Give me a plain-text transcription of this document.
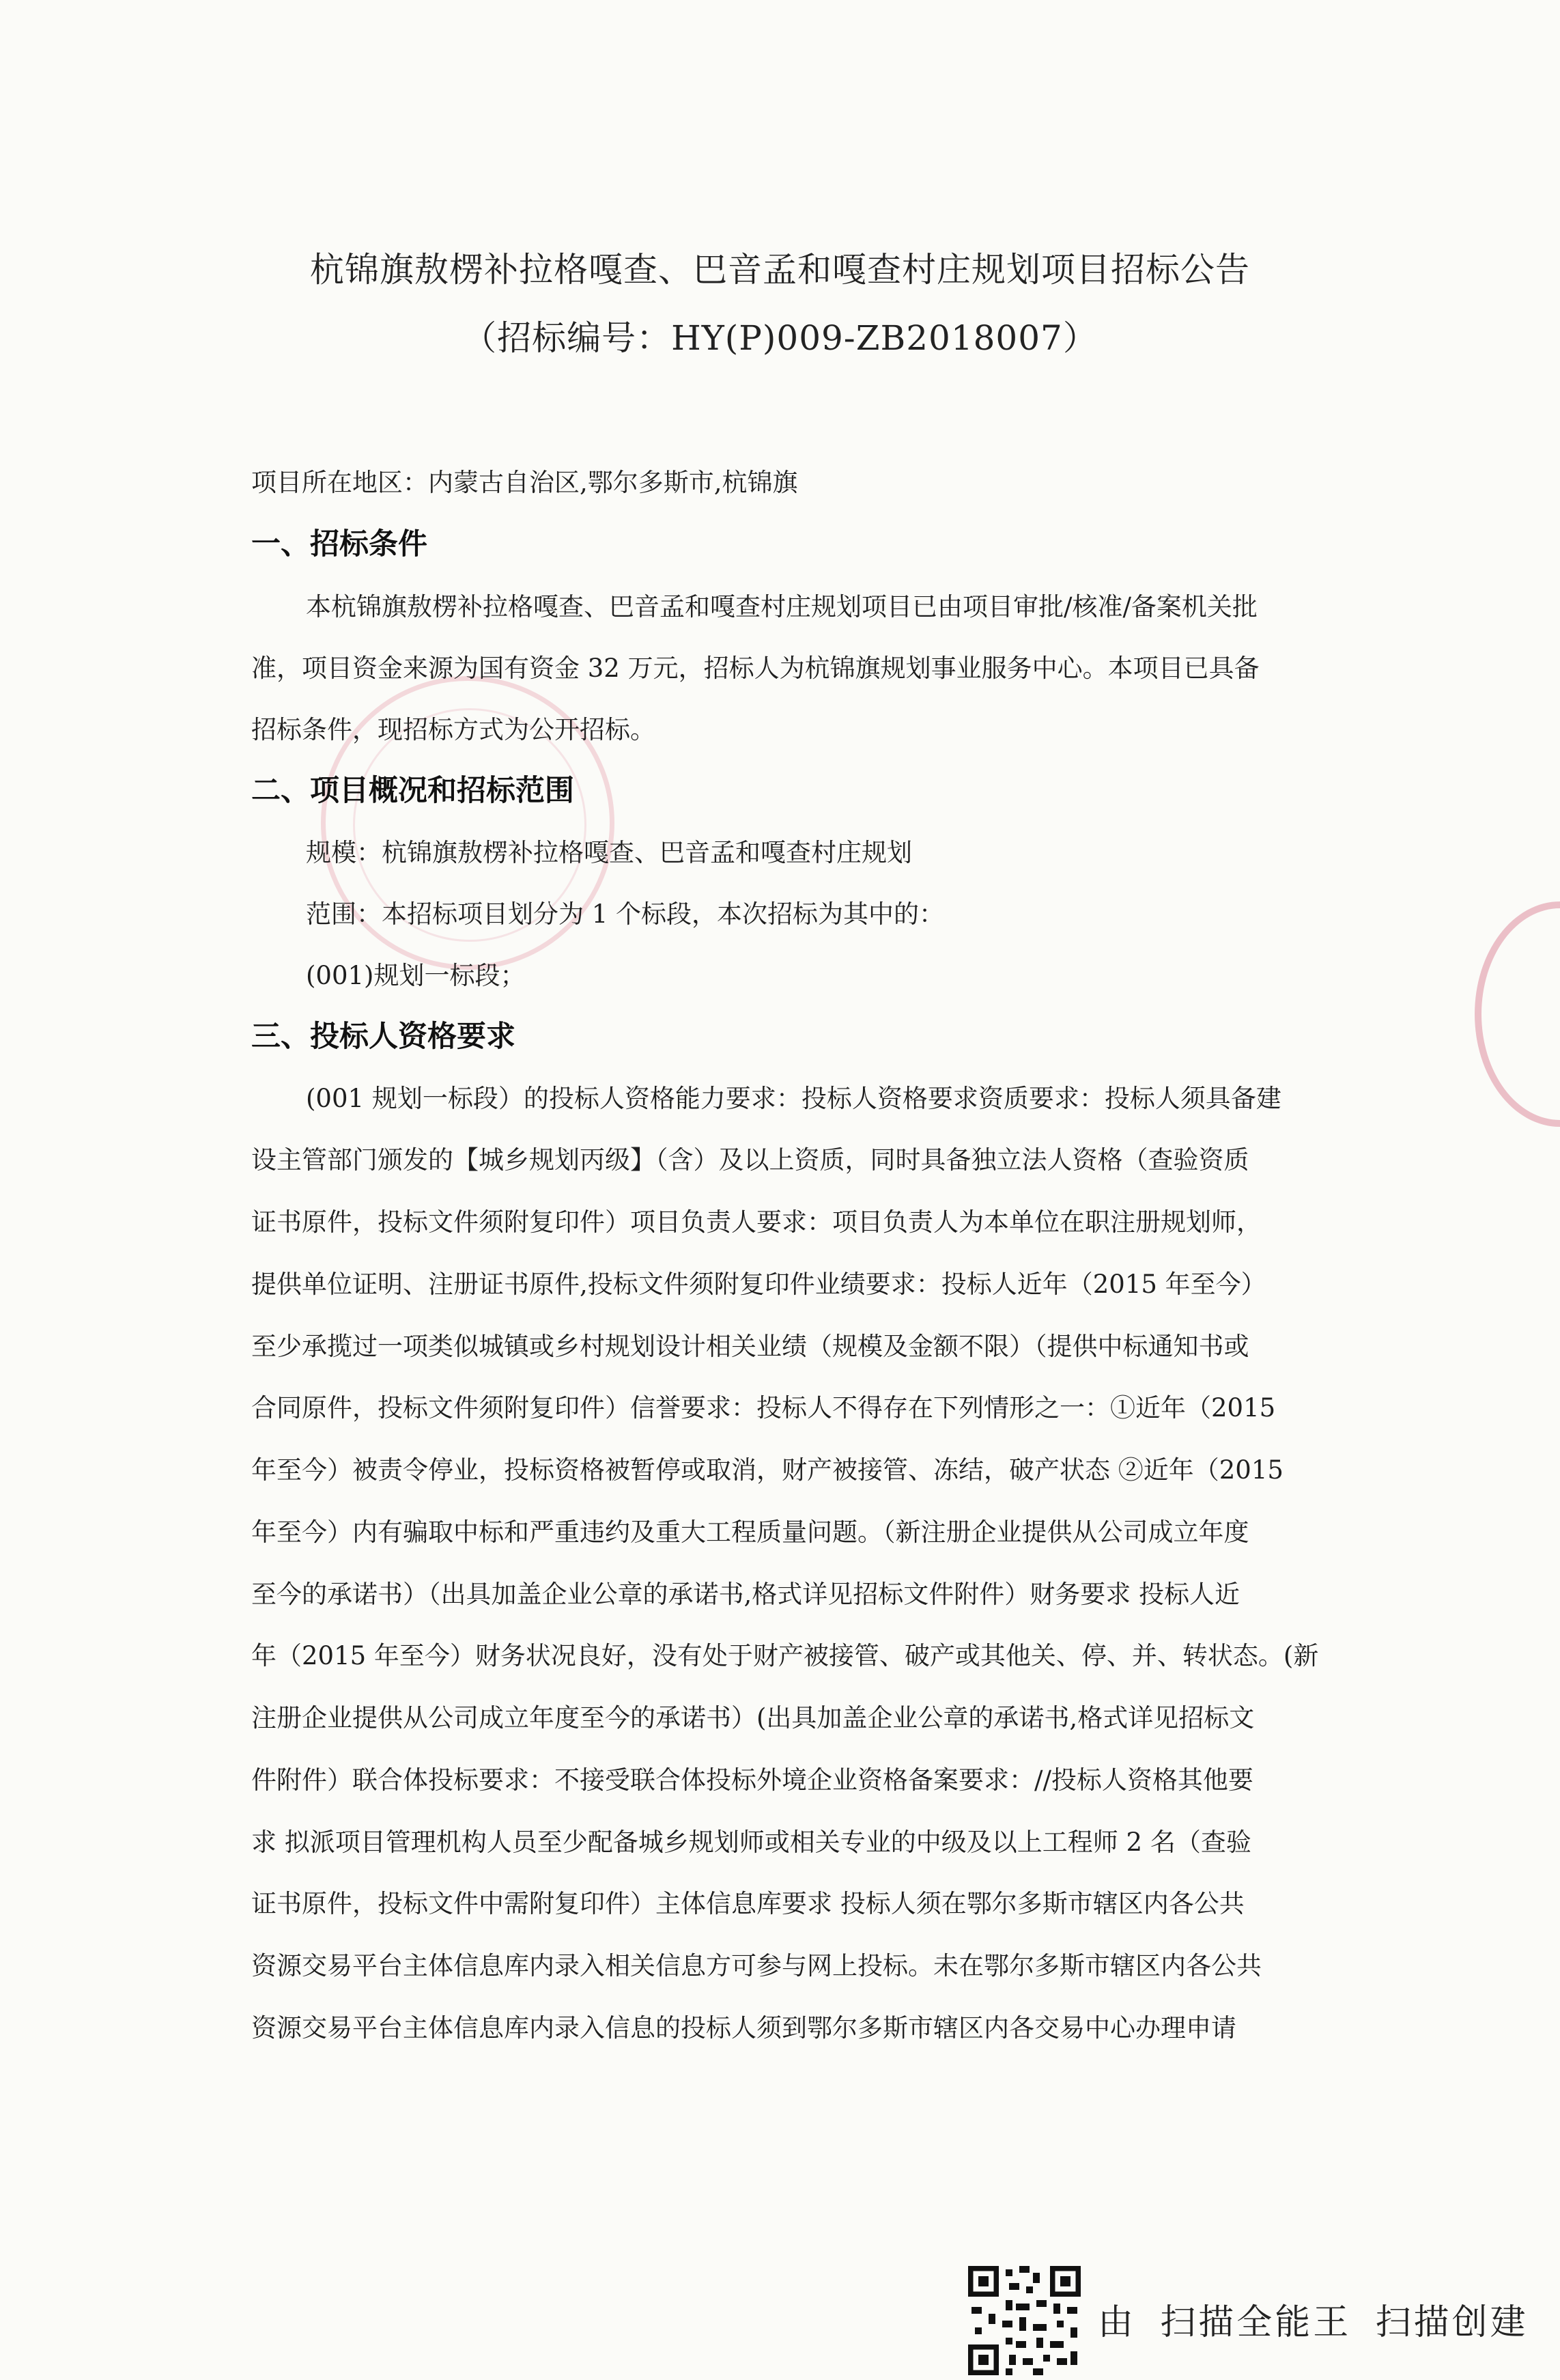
杭锦旗敖楞补拉格嘎查、巴音孟和嘎查村庄规划项目招标公告
（招标编号：HY(P)009-ZB2018007）
项目所在地区：内蒙古自治区,鄂尔多斯市,杭锦旗
一、招标条件
本杭锦旗敖楞补拉格嘎查、巴音孟和嘎查村庄规划项目已由项目审批/核准/备案机关批
准，项目资金来源为国有资金 32 万元，招标人为杭锦旗规划事业服务中心。本项目已具备
招标条件，现招标方式为公开招标。
二、项目概况和招标范围
规模：杭锦旗敖楞补拉格嘎查、巴音孟和嘎查村庄规划
范围：本招标项目划分为 1 个标段，本次招标为其中的：
(001)规划一标段；
三、投标人资格要求
(001 规划一标段）的投标人资格能力要求：投标人资格要求资质要求：投标人须具备建
设主管部门颁发的【城乡规划丙级】（含）及以上资质，同时具备独立法人资格（查验资质
证书原件，投标文件须附复印件）项目负责人要求：项目负责人为本单位在职注册规划师，
提供单位证明、注册证书原件,投标文件须附复印件业绩要求：投标人近年（2015 年至今）
至少承揽过一项类似城镇或乡村规划设计相关业绩（规模及金额不限）（提供中标通知书或
合同原件，投标文件须附复印件）信誉要求：投标人不得存在下列情形之一：①近年（2015
年至今）被责令停业，投标资格被暂停或取消，财产被接管、冻结，破产状态 ②近年（2015
年至今）内有骗取中标和严重违约及重大工程质量问题。（新注册企业提供从公司成立年度
至今的承诺书）（出具加盖企业公章的承诺书,格式详见招标文件附件）财务要求 投标人近
年（2015 年至今）财务状况良好，没有处于财产被接管、破产或其他关、停、并、转状态。(新
注册企业提供从公司成立年度至今的承诺书）(出具加盖企业公章的承诺书,格式详见招标文
件附件）联合体投标要求：不接受联合体投标外境企业资格备案要求：//投标人资格其他要
求 拟派项目管理机构人员至少配备城乡规划师或相关专业的中级及以上工程师 2 名（查验
证书原件，投标文件中需附复印件）主体信息库要求 投标人须在鄂尔多斯市辖区内各公共
资源交易平台主体信息库内录入相关信息方可参与网上投标。未在鄂尔多斯市辖区内各公共
资源交易平台主体信息库内录入信息的投标人须到鄂尔多斯市辖区内各交易中心办理申请
由 扫描全能王 扫描创建
